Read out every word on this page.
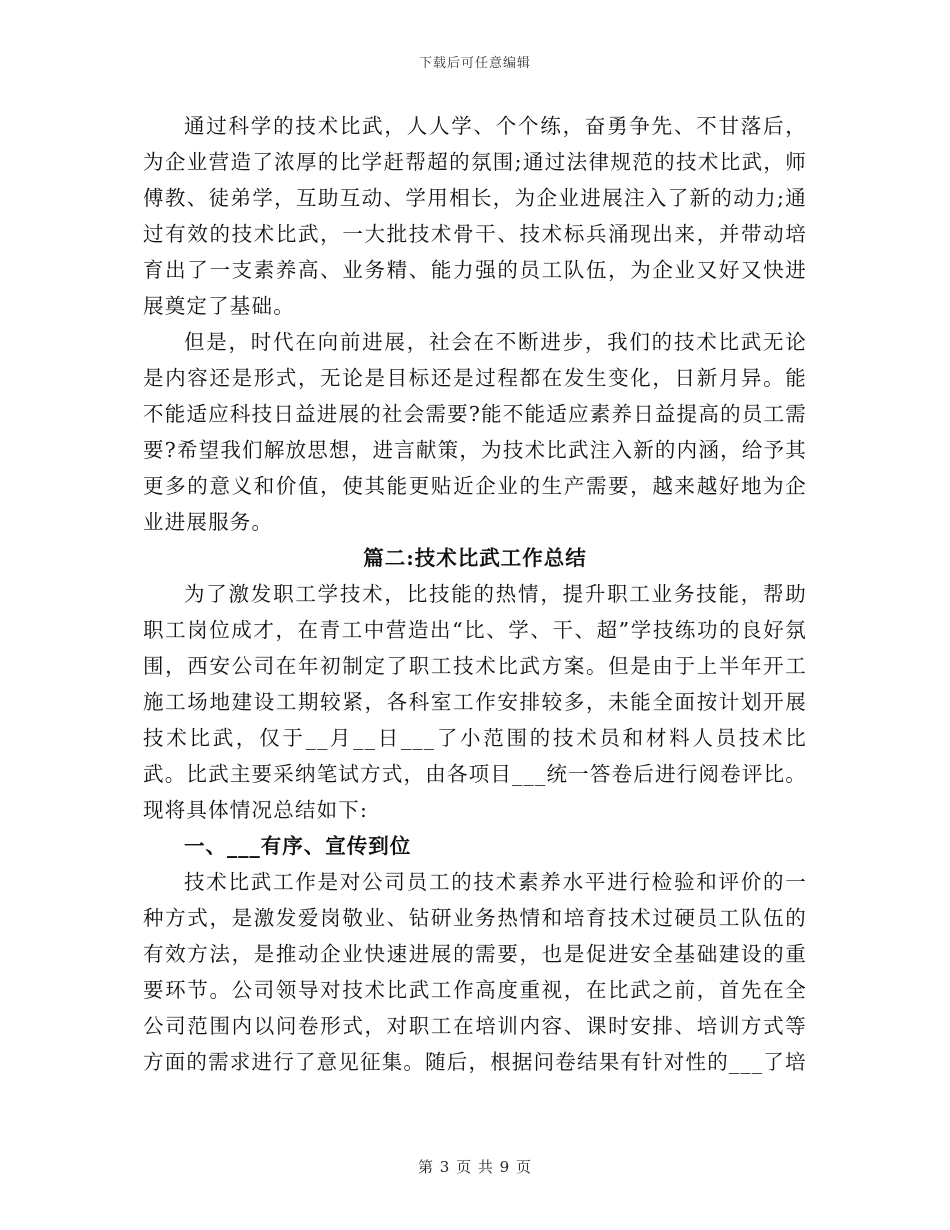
下载后可任意编辑

通过科学的技术比武，人人学、个个练，奋勇争先、不甘落后，为企业营造了浓厚的比学赶帮超的氛围;通过法律规范的技术比武，师傅教、徒弟学，互助互动、学用相长，为企业进展注入了新的动力;通过有效的技术比武，一大批技术骨干、技术标兵涌现出来，并带动培育出了一支素养高、业务精、能力强的员工队伍，为企业又好又快进展奠定了基础。

但是，时代在向前进展，社会在不断进步，我们的技术比武无论是内容还是形式，无论是目标还是过程都在发生变化，日新月异。能不能适应科技日益进展的社会需要?能不能适应素养日益提高的员工需要?希望我们解放思想，进言献策，为技术比武注入新的内涵，给予其更多的意义和价值，使其能更贴近企业的生产需要，越来越好地为企业进展服务。

篇二:技术比武工作总结

为了激发职工学技术，比技能的热情，提升职工业务技能，帮助职工岗位成才，在青工中营造出“比、学、干、超”学技练功的良好氛围，西安公司在年初制定了职工技术比武方案。但是由于上半年开工施工场地建设工期较紧，各科室工作安排较多，未能全面按计划开展技术比武，仅于__月__日___了小范围的技术员和材料人员技术比武。比武主要采纳笔试方式，由各项目___统一答卷后进行阅卷评比。现将具体情况总结如下:

一、___有序、宣传到位

技术比武工作是对公司员工的技术素养水平进行检验和评价的一种方式，是激发爱岗敬业、钻研业务热情和培育技术过硬员工队伍的有效方法，是推动企业快速进展的需要，也是促进安全基础建设的重要环节。公司领导对技术比武工作高度重视，在比武之前，首先在全公司范围内以问卷形式，对职工在培训内容、课时安排、培训方式等方面的需求进行了意见征集。随后，根据问卷结果有针对性的___了培

第 3 页 共 9 页
